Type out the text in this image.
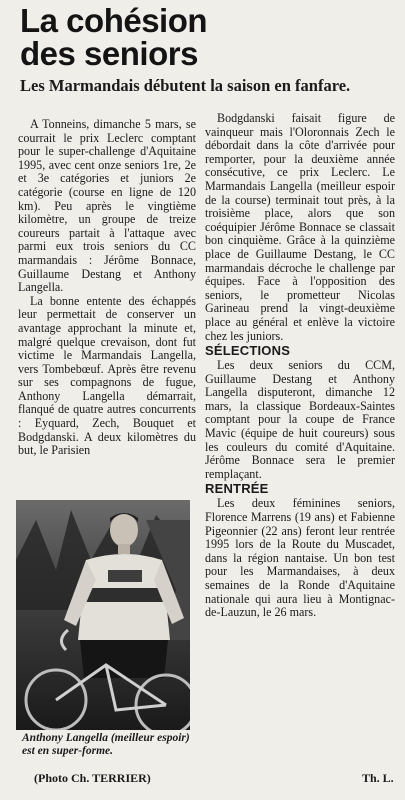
La cohésion
des seniors
Les Marmandais débutent la saison en fanfare.

A Tonneins, dimanche 5 mars, se courrait le prix Leclerc comptant pour le super-challenge d'Aquitaine 1995, avec cent onze seniors 1re, 2e et 3e catégories et juniors 2e catégorie (course en ligne de 120 km). Peu après le vingtième kilomètre, un groupe de treize coureurs partait à l'attaque avec parmi eux trois seniors du CC marmandais : Jérôme Bonnace, Guillaume Destang et Anthony Langella.

La bonne entente des échappés leur permettait de conserver un avantage approchant la minute et, malgré quelque crevaison, dont fut victime le Marmandais Langella, vers Tombebœuf. Après être revenu sur ses compagnons de fugue, Anthony Langella démarrait, flanqué de quatre autres concurrents : Eyquard, Zech, Bouquet et Bodgdanski. A deux kilomètres du but, le Parisien

Anthony Langella (meilleur espoir) est en super-forme.
(Photo Ch. TERRIER)

Bodgdanski faisait figure de vainqueur mais l'Oloronnais Zech le débordait dans la côte d'arrivée pour remporter, pour la deuxième année consécutive, ce prix Leclerc. Le Marmandais Langella (meilleur espoir de la course) terminait tout près, à la troisième place, alors que son coéquipier Jérôme Bonnace se classait bon cinquième. Grâce à la quinzième place de Guillaume Destang, le CC marmandais décroche le challenge par équipes. Face à l'opposition des seniors, le prometteur Nicolas Garineau prend la vingt-deuxième place au général et enlève la victoire chez les juniors.

SÉLECTIONS

Les deux seniors du CCM, Guillaume Destang et Anthony Langella disputeront, dimanche 12 mars, la classique Bordeaux-Saintes comptant pour la coupe de France Mavic (équipe de huit coureurs) sous les couleurs du comité d'Aquitaine. Jérôme Bonnace sera le premier remplaçant.

RENTRÉE

Les deux féminines seniors, Florence Marrens (19 ans) et Fabienne Pigeonnier (22 ans) feront leur rentrée 1995 lors de la Route du Muscadet, dans la région nantaise. Un bon test pour les Marmandaises, à deux semaines de la Ronde d'Aquitaine nationale qui aura lieu à Montignac-de-Lauzun, le 26 mars.

Th. L.
